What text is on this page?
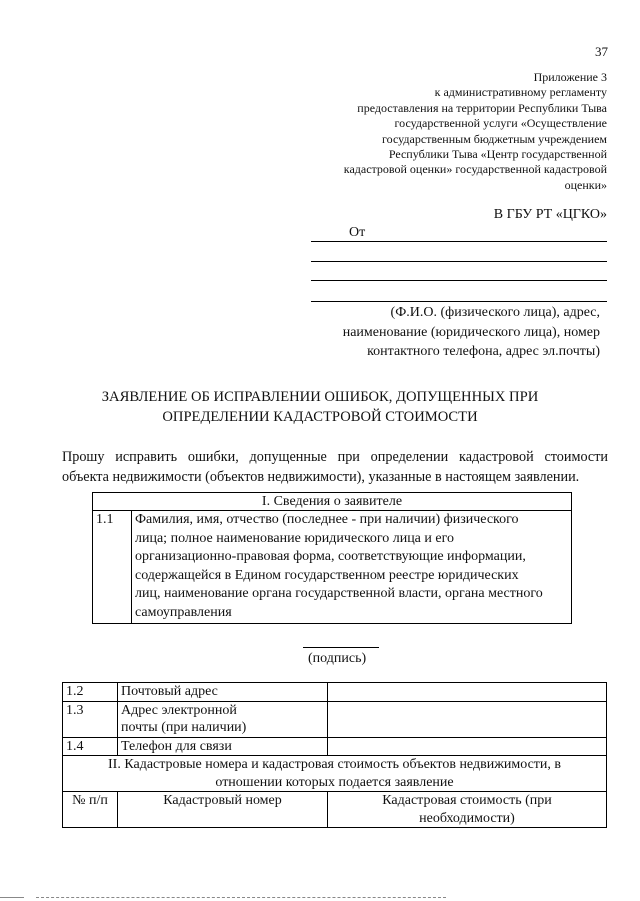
37
Приложение 3
к административному регламенту
предоставления на территории Республики Тыва
государственной услуги «Осуществление
государственным бюджетным учреждением
Республики Тыва «Центр государственной
кадастровой оценки» государственной кадастровой
оценки»
В ГБУ РТ «ЦГКО»
От
(Ф.И.О. (физического лица), адрес,
наименование (юридического лица), номер
контактного телефона, адрес эл.почты)
ЗАЯВЛЕНИЕ ОБ ИСПРАВЛЕНИИ ОШИБОК, ДОПУЩЕННЫХ ПРИ
ОПРЕДЕЛЕНИИ КАДАСТРОВОЙ СТОИМОСТИ
Прошу исправить ошибки, допущенные при определении кадастровой стоимости
объекта недвижимости (объектов недвижимости), указанные в настоящем заявлении.
I. Сведения о заявителе
1.1	Фамилия, имя, отчество (последнее - при наличии) физического
лица; полное наименование юридического лица и его
организационно-правовая форма, соответствующие информации,
содержащейся в Едином государственном реестре юридических
лиц, наименование органа государственной власти, органа местного
самоуправления
(подпись)
1.2	Почтовый адрес	

1.3	Адрес электронной
почты (при наличии)	

1.4	Телефон для связи	

II. Кадастровые номера и кадастровая стоимость объектов недвижимости, в
отношении которых подается заявление		

№ п/п	Кадастровый номер	Кадастровая стоимость (при
необходимости)
